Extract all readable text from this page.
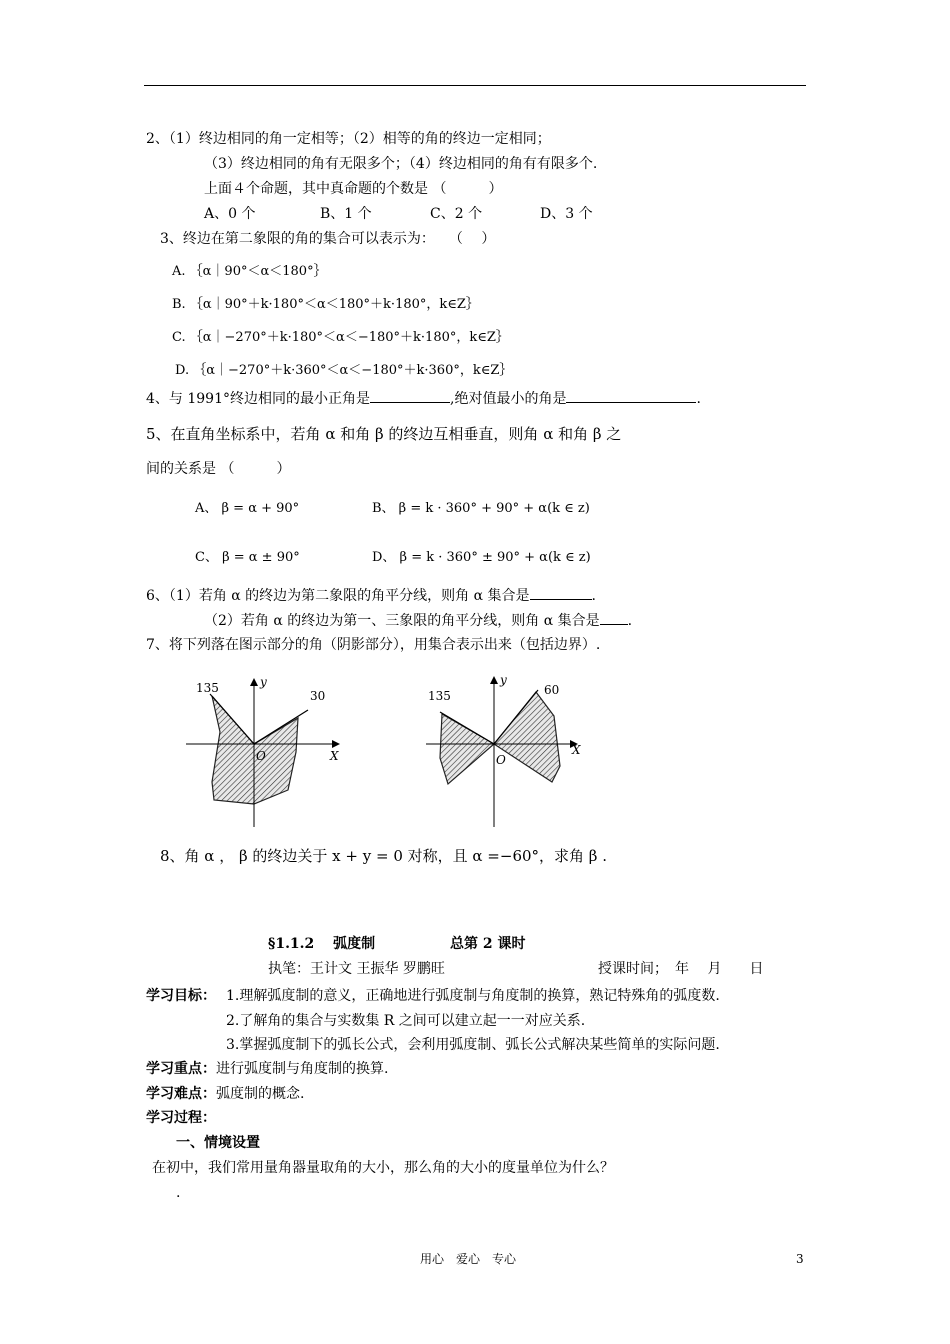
2、（1）终边相同的角一定相等；（2）相等的角的终边一定相同；
（3）终边相同的角有无限多个；（4）终边相同的角有有限多个.
上面４个命题，其中真命题的个数是 （　　　）
A、0 个	B、1 个	C、2 个	D、3 个
3、终边在第二象限的角的集合可以表示为：　　（　 ）
A. ｛α｜90°＜α＜180°｝
B. ｛α｜90°＋k·180°＜α＜180°＋k·180°，k∈Z｝
C. ｛α｜−270°＋k·180°＜α＜−180°＋k·180°，k∈Z｝
D. ｛α｜−270°＋k·360°＜α＜−180°＋k·360°，k∈Z｝
4、与 1991°终边相同的最小正角是	,绝对值最小的角是	.
5、在直角坐标系中，若角 α 和角 β 的终边互相垂直，则角 α 和角 β 之
间的关系是 （　　　）
A、 β = α + 90°	B、 β = k · 360° + 90° + α(k ∈ z)
C、 β = α ± 90°	D、 β = k · 360° ± 90° + α(k ∈ z)
6、（1）若角 α 的终边为第二象限的角平分线，则角 α 集合是	.
（2）若角 α 的终边为第一、三象限的角平分线，则角 α 集合是 .
7、将下列落在图示部分的角（阴影部分），用集合表示出来（包括边界）.
135
30
X
y
O
135	60
X
y
O
8、角 α ， β 的终边关于 x + y = 0 对称，且 α =−60°，求角 β .
§1.1.2　 弧度制　　　　　 总第 2 课时
执笔：王计文 王振华 罗鹏旺	授课时间；　年　 月　　日
学习目标： 1.理解弧度制的意义，正确地进行弧度制与角度制的换算，熟记特殊角的弧度数.
2.了解角的集合与实数集 R 之间可以建立起一一对应关系.
3.掌握弧度制下的弧长公式，会利用弧度制、弧长公式解决某些简单的实际问题.
学习重点：进行弧度制与角度制的换算.
学习难点：弧度制的概念.
学习过程：
一、情境设置
在初中，我们常用量角器量取角的大小，那么角的大小的度量单位为什么？
.
用心　爱心　专心	3
